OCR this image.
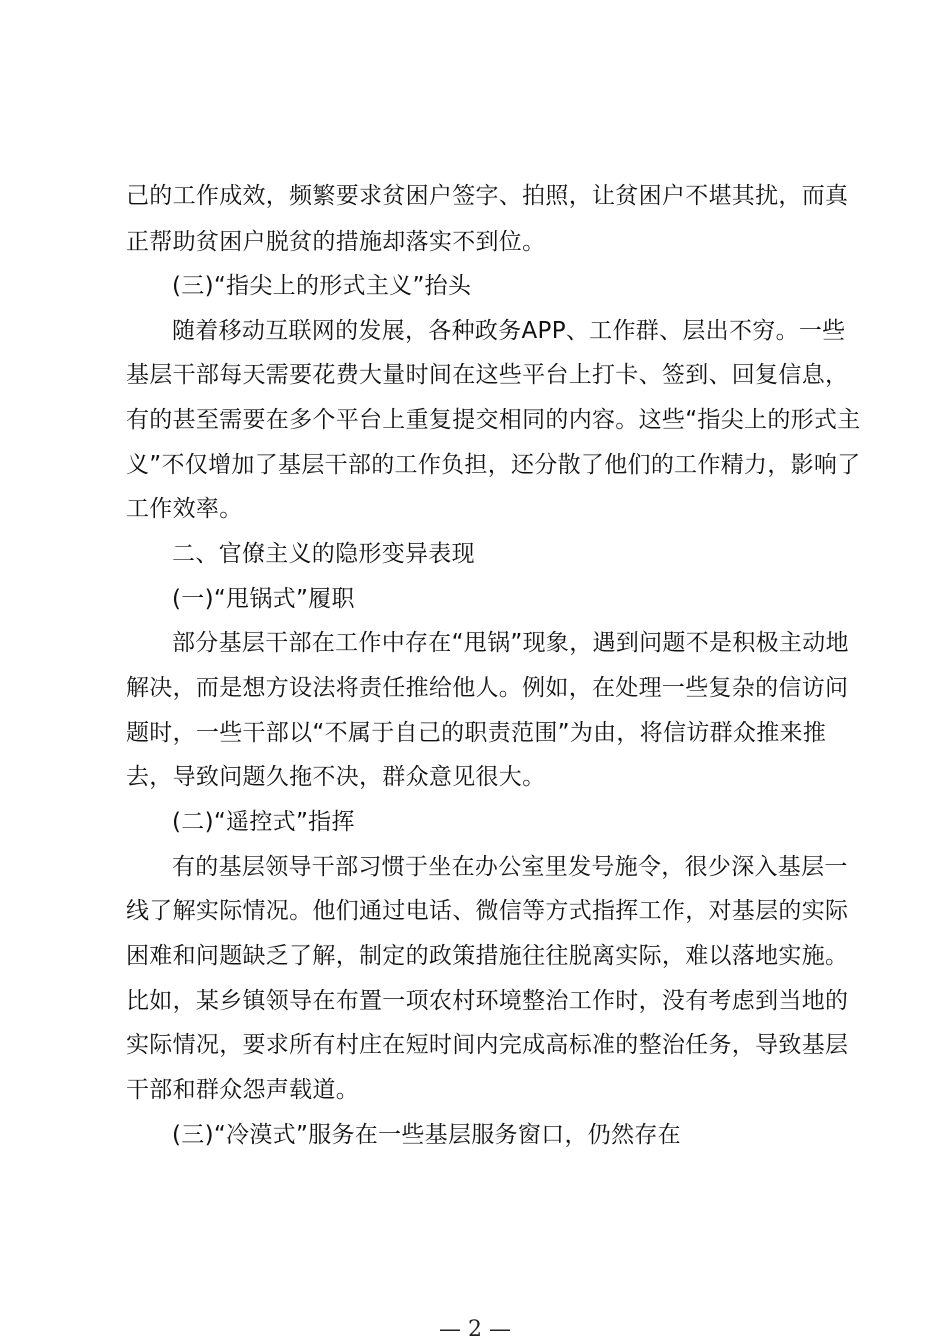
己的工作成效，频繁要求贫困户签字、拍照，让贫困户不堪其扰，而真
正帮助贫困户脱贫的措施却落实不到位。
(三)“指尖上的形式主义”抬头
随着移动互联网的发展，各种政务APP、工作群、层出不穷。一些
基层干部每天需要花费大量时间在这些平台上打卡、签到、回复信息，
有的甚至需要在多个平台上重复提交相同的内容。这些“指尖上的形式主
义”不仅增加了基层干部的工作负担，还分散了他们的工作精力，影响了
工作效率。
二、官僚主义的隐形变异表现
(一)“甩锅式”履职
部分基层干部在工作中存在“甩锅”现象，遇到问题不是积极主动地
解决，而是想方设法将责任推给他人。例如，在处理一些复杂的信访问
题时，一些干部以“不属于自己的职责范围”为由，将信访群众推来推
去，导致问题久拖不决，群众意见很大。
(二)“遥控式”指挥
有的基层领导干部习惯于坐在办公室里发号施令，很少深入基层一
线了解实际情况。他们通过电话、微信等方式指挥工作，对基层的实际
困难和问题缺乏了解，制定的政策措施往往脱离实际，难以落地实施。
比如，某乡镇领导在布置一项农村环境整治工作时，没有考虑到当地的
实际情况，要求所有村庄在短时间内完成高标准的整治任务，导致基层
干部和群众怨声载道。
(三)“冷漠式”服务在一些基层服务窗口，仍然存在
— 2 —
